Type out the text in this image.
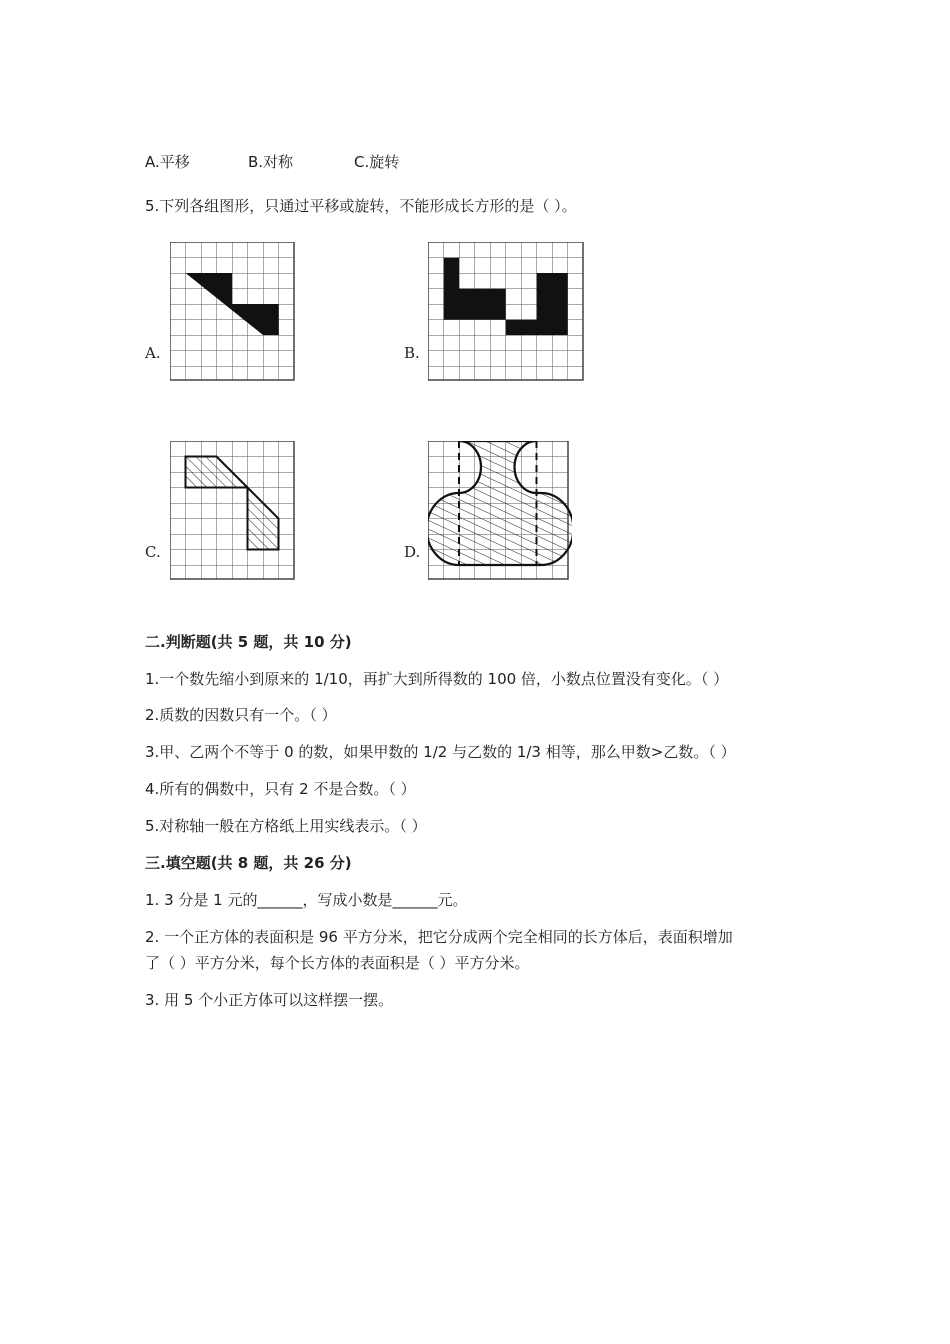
A.平移	B.对称	C.旋转
5.下列各组图形，只通过平移或旋转，不能形成长方形的是（ ）。
A.	B.
C.	D.
二.判断题(共 5 题，共 10 分)
1.一个数先缩小到原来的 1/10，再扩大到所得数的 100 倍，小数点位置没有变化。（ ）
2.质数的因数只有一个。（ ）
3.甲、乙两个不等于 0 的数，如果甲数的 1/2 与乙数的 1/3 相等，那么甲数>乙数。（ ）
4.所有的偶数中，只有 2 不是合数。（ ）
5.对称轴一般在方格纸上用实线表示。（ ）
三.填空题(共 8 题，共 26 分)
1. 3 分是 1 元的______，写成小数是______元。
2. 一个正方体的表面积是 96 平方分米，把它分成两个完全相同的长方体后，表面积增加
了（ ）平方分米，每个长方体的表面积是（ ）平方分米。
3. 用 5 个小正方体可以这样摆一摆。
